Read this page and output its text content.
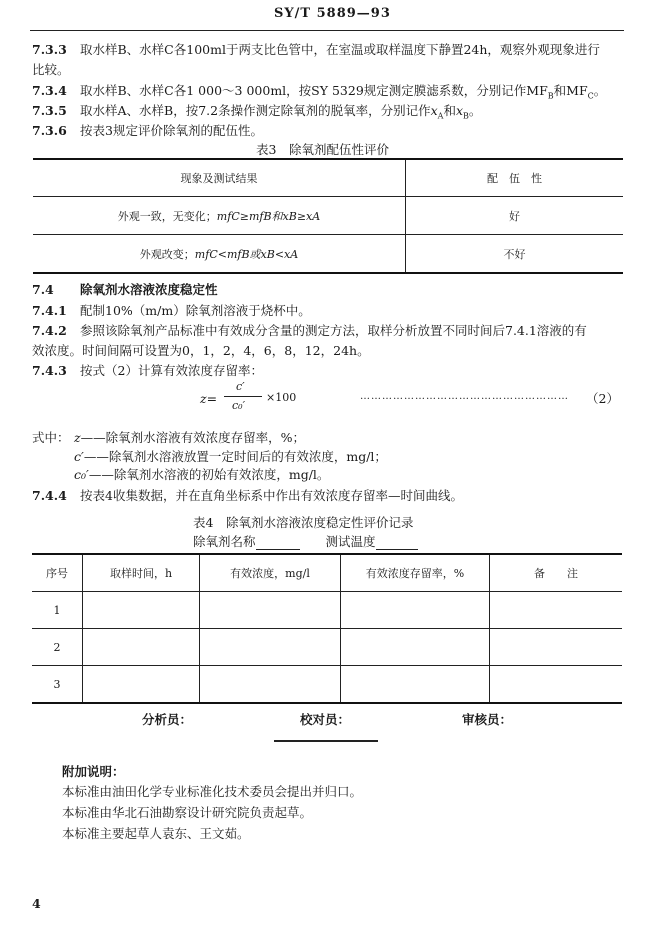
SY/T 5889—93
7.3.3 取水样B、水样C各100ml于两支比色管中，在室温或取样温度下静置24h，观察外观现象进行
比较。
7.3.4 取水样B、水样C各1 000～3 000ml，按SY 5329规定测定膜滤系数，分别记作$MF_B$和$MF_C$。
7.3.5 取水样A、水样B，按7.2条操作测定除氧剂的脱氧率，分别记作$x_A$和$x_B$。
7.3.6 按表3规定评价除氧剂的配伍性。
表3　除氧剂配伍性评价
现象及测试结果	配　伍　性
外观一致，无变化；mfC≥mfB和xB≥xA	好
外观改变；mfC<mfB或xB<xA	不好
7.4 除氧剂水溶液浓度稳定性
7.4.1 配制10%（m/m）除氧剂溶液于烧杯中。
7.4.2 参照该除氧剂产品标准中有效成分含量的测定方法，取样分析放置不同时间后7.4.1溶液的有
效浓度。时间间隔可设置为0，1，2，4，6，8，12，24h。
7.4.3 按式（2）计算有效浓度存留率：
z=
c′
c₀′
×100	………………………………………………… （2）
式中： z——除氧剂水溶液有效浓度存留率，%；
c′——除氧剂水溶液放置一定时间后的有效浓度，mg/l；
c₀′——除氧剂水溶液的初始有效浓度，mg/l。
7.4.4 按表4收集数据，并在直角坐标系中作出有效浓度存留率—时间曲线。
表4　除氧剂水溶液浓度稳定性评价记录
除氧剂名称	测试温度
序号	取样时间，h	有效浓度，mg/l	有效浓度存留率，%	备　　注
1				
2				
3				
分析员：	校对员：	审核员：
附加说明：
本标准由油田化学专业标准化技术委员会提出并归口。
本标准由华北石油勘察设计研究院负责起草。
本标准主要起草人袁东、王文茹。
4
